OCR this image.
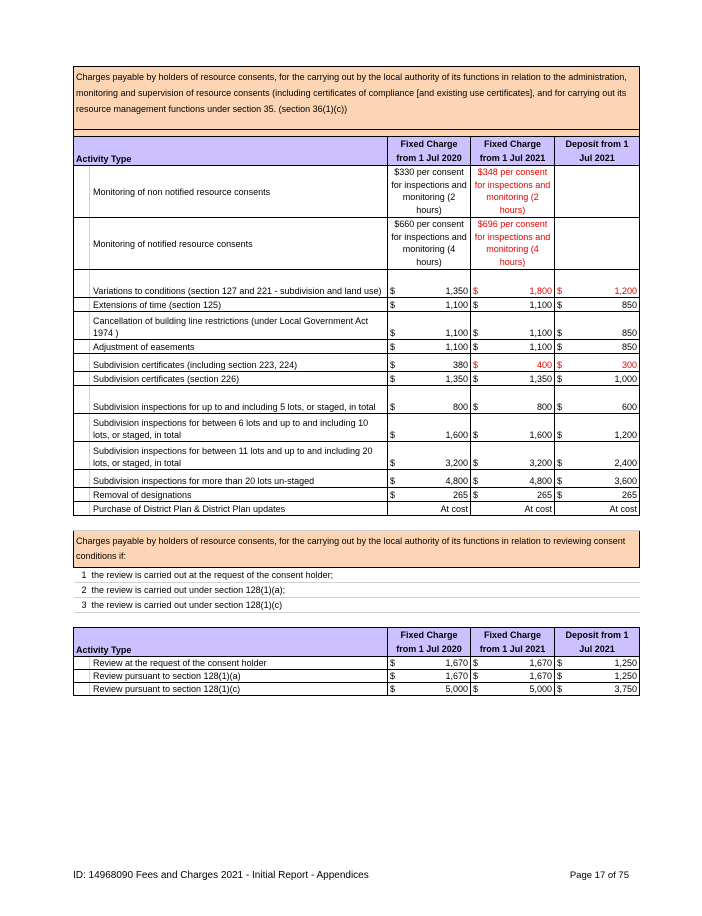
Charges payable by holders of resource consents, for the carrying out by the local authority of its functions in relation to the administration, monitoring and supervision of resource consents (including certificates of compliance [and existing use certificates], and for carrying out its resource management functions under section 35. (section 36(1)(c))				

Activity Type		Fixed Charge	Fixed Charge	Deposit from 1
		from 1 Jul 2020	from 1 Jul 2021	Jul 2021
	Monitoring of non notified resource consents	$330 per consent for inspections and monitoring (2 hours)	$348 per consent for inspections and monitoring (2 hours)	
	Monitoring of notified resource consents	$660 per consent for inspections and monitoring (4 hours)	$696 per consent for inspections and monitoring (4 hours)	
	Variations to conditions (section 127 and 221 - subdivision and land use)	$ 1,350	$ 1,800	$ 1,200

	Extensions of time (section 125)	$ 1,100	$ 1,100	$ 850

	Cancellation of building line restrictions (under Local Government Act 1974 )	$ 1,100	$ 1,100	$ 850

	Adjustment of easements	$ 1,100	$ 1,100	$ 850

	Subdivision certificates (including section 223, 224)	$ 380	$ 400	$ 300

	Subdivision certificates (section 226)	$ 1,350	$ 1,350	$ 1,000

	Subdivision inspections for up to and including 5 lots, or staged, in total	$ 800	$ 800	$ 600

	Subdivision inspections for between 6 lots and up to and including 10 lots, or staged, in total	$ 1,600	$ 1,600	$ 1,200

	Subdivision inspections for between 11 lots and up to and including 20 lots, or staged, in total	$ 3,200	$ 3,200	$ 2,400

	Subdivision inspections for more than 20 lots un-staged	$ 4,800	$ 4,800	$ 3,600

	Removal of designations	$ 265	$ 265	$ 265

	Purchase of District Plan & District Plan updates	At cost	At cost	At cost

Charges payable by holders of resource consents, for the carrying out by the local authority of its functions in relation to reviewing consent conditions if:				
1	the review is carried out at the request of the consent holder;			
2	the review is carried out under section 128(1)(a);			
3	the review is carried out under section 128(1)(c)			

Activity Type		Fixed Charge	Fixed Charge	Deposit from 1
		from 1 Jul 2020	from 1 Jul 2021	Jul 2021
	Review at the request of the consent holder	$ 1,670	$ 1,670	$ 1,250

	Review pursuant to section 128(1)(a)	$ 1,670	$ 1,670	$ 1,250

	Review pursuant to section 128(1)(c)	$ 5,000	$ 5,000	$ 3,750
ID: 14968090 Fees and Charges 2021 - Initial Report - Appendices	Page 17 of 75
